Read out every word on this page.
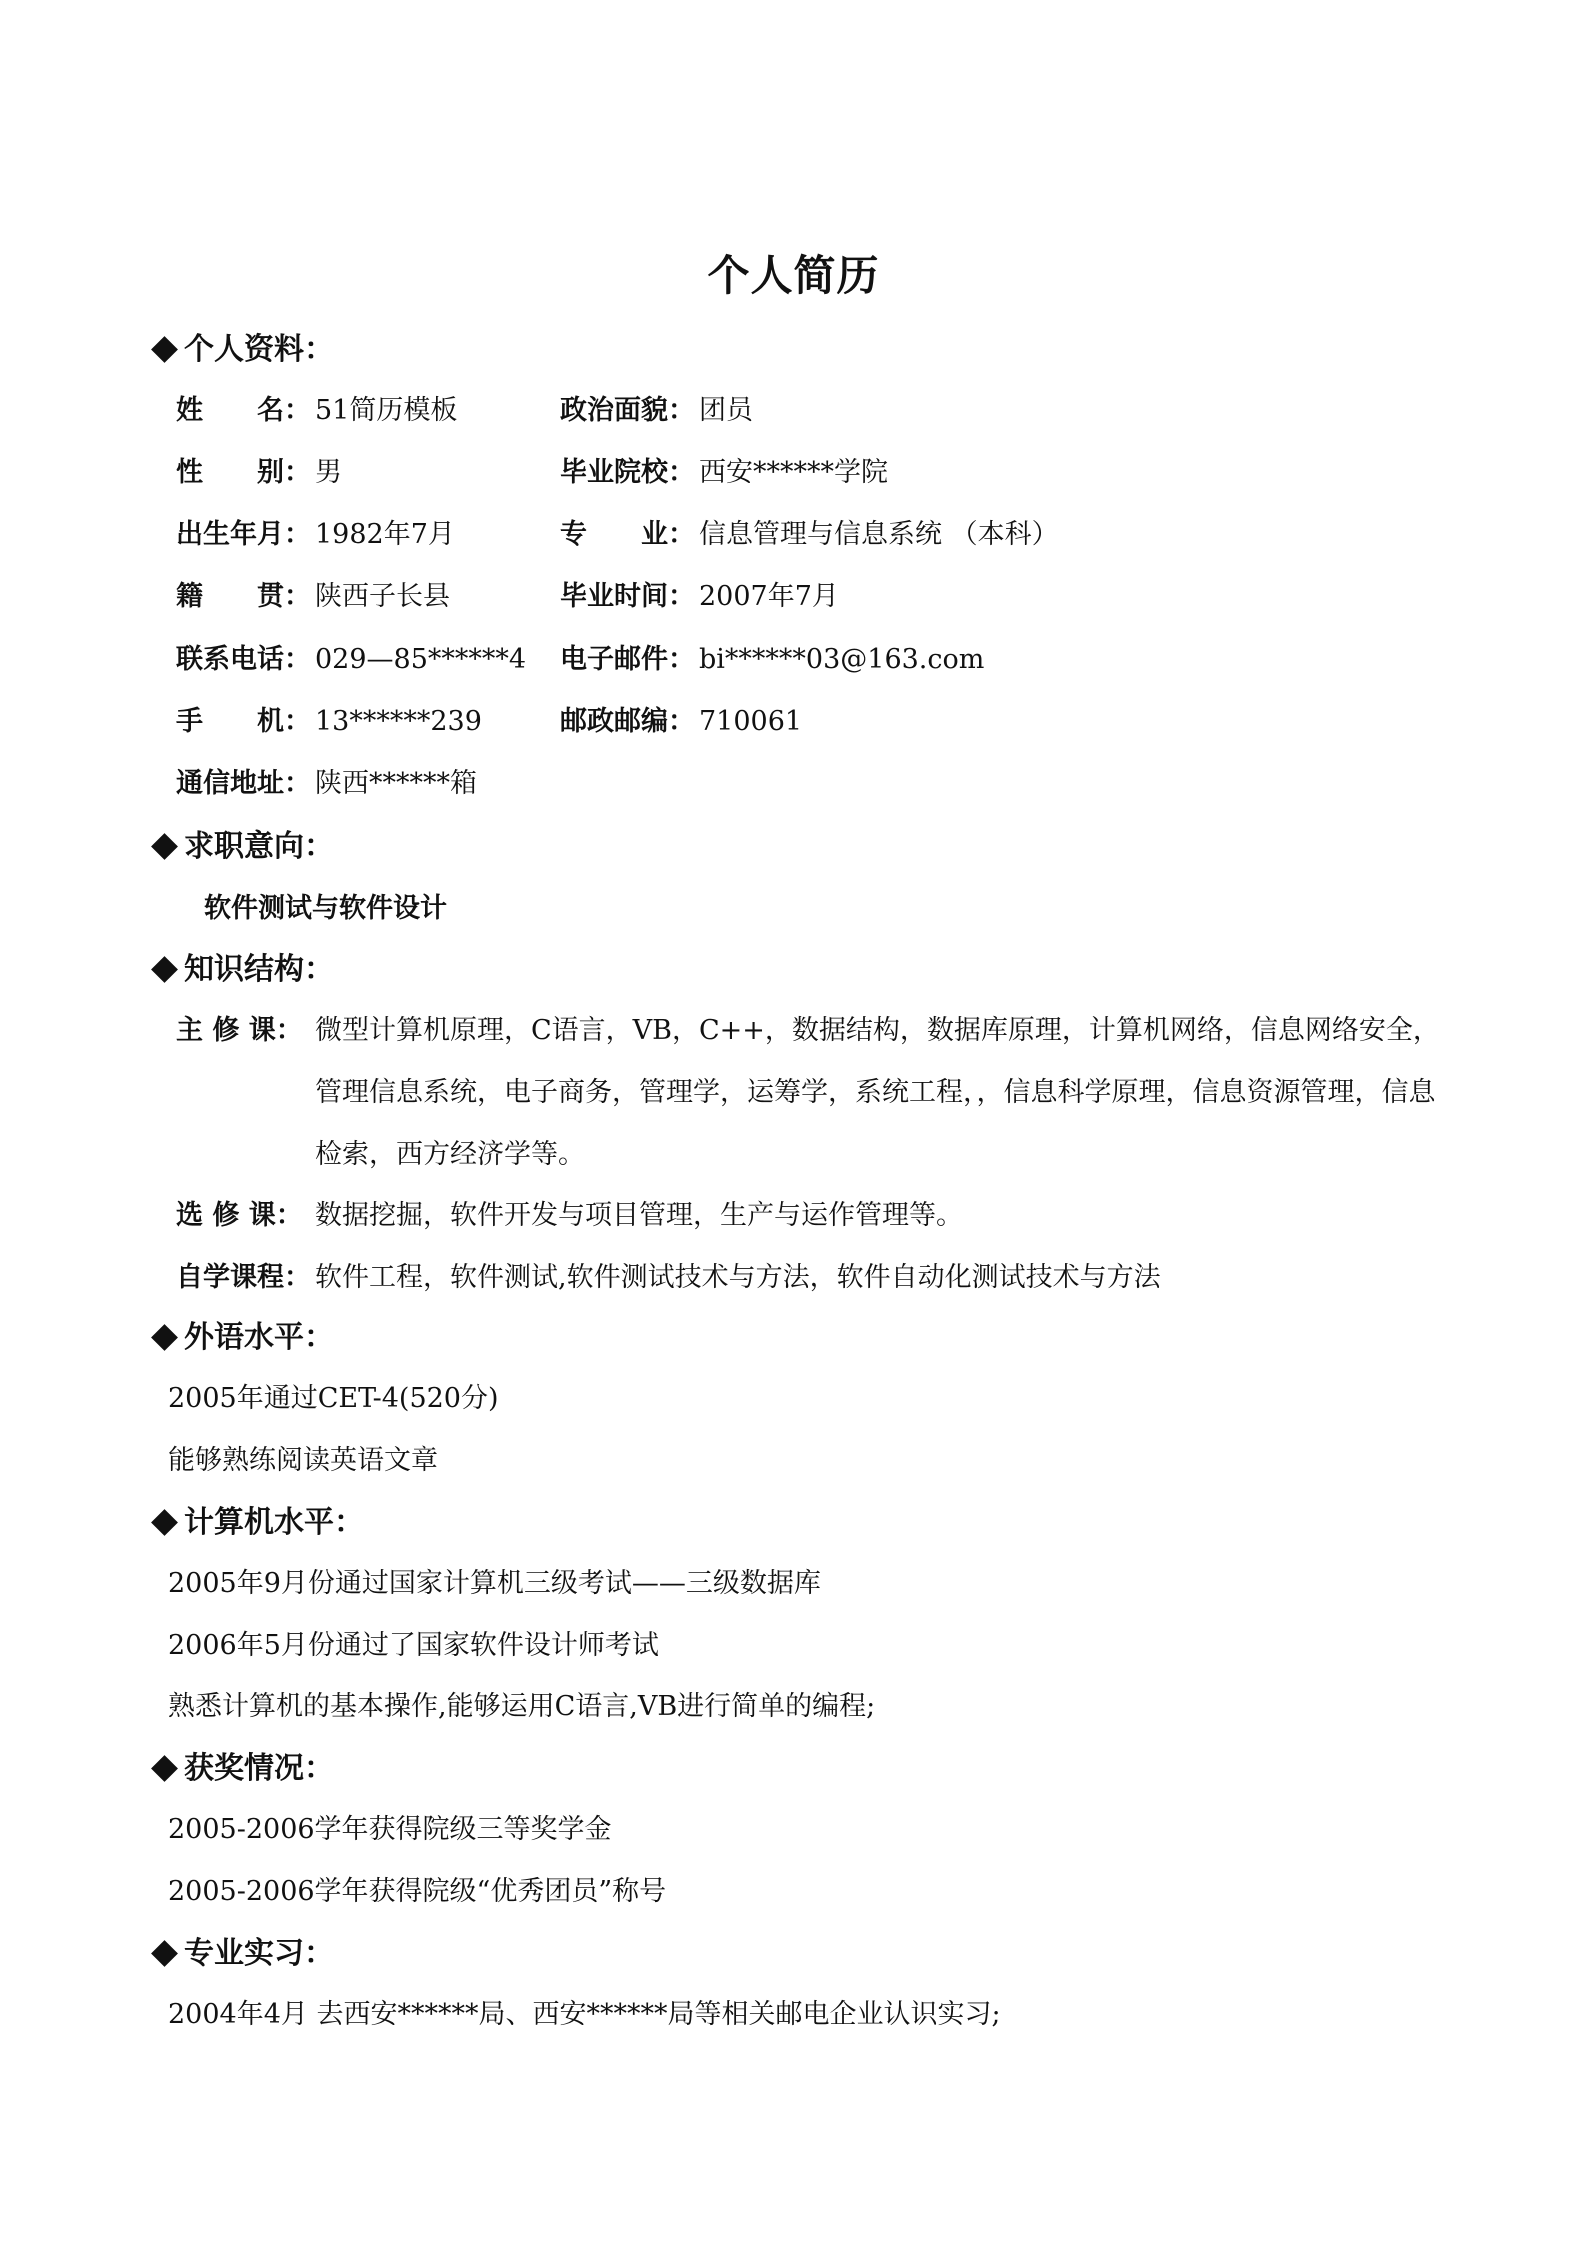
个人简历
个人资料：
姓　　名： 51简历模板	政治面貌： 团员
性　　别： 男	毕业院校： 西安******学院
出生年月： 1982年7月	专　　业： 信息管理与信息系统 （本科）
籍　　贯： 陕西子长县	毕业时间： 2007年7月
联系电话： 029—85******4 电子邮件： bi******03@163.com
手　　机： 13******239	邮政邮编： 710061
通信地址： 陕西******箱
求职意向：
软件测试与软件设计
知识结构：
主 修 课： 微型计算机原理，C语言，VB，C++，数据结构，数据库原理，计算机网络，信息网络安全，管理信息系统，电子商务，管理学，运筹学，系统工程，，信息科学原理，信息资源管理，信息检索，西方经济学等。
选 修 课： 数据挖掘，软件开发与项目管理，生产与运作管理等。
自学课程： 软件工程，软件测试,软件测试技术与方法，软件自动化测试技术与方法
外语水平：
2005年通过CET-4(520分)
能够熟练阅读英语文章
计算机水平：
2005年9月份通过国家计算机三级考试——三级数据库
2006年5月份通过了国家软件设计师考试
熟悉计算机的基本操作,能够运用C语言,VB进行简单的编程;
获奖情况：
2005-2006学年获得院级三等奖学金
2005-2006学年获得院级“优秀团员”称号
专业实习：
2004年4月 去西安******局、西安******局等相关邮电企业认识实习;
